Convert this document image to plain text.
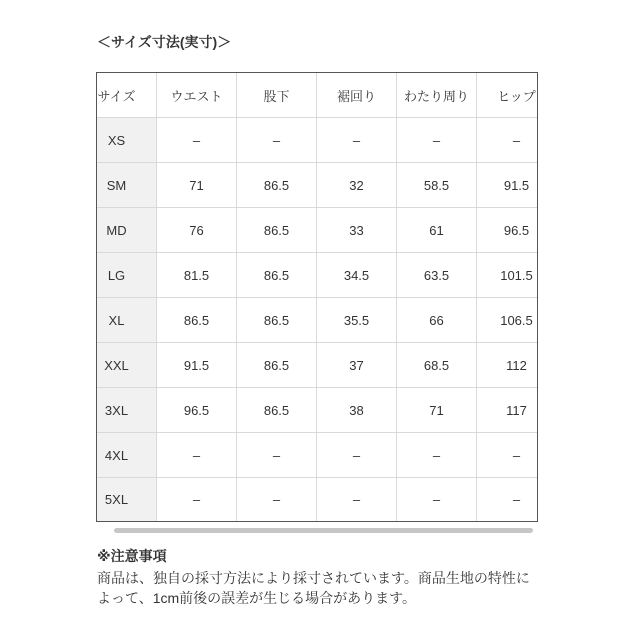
＜サイズ寸法(実寸)＞
サイズ	ウエスト	股下	裾回り	わたり周り	ヒップ
XS	–	–	–	–	–
SM	71	86.5	32	58.5	91.5
MD	76	86.5	33	61	96.5
LG	81.5	86.5	34.5	63.5	101.5
XL	86.5	86.5	35.5	66	106.5
XXL	91.5	86.5	37	68.5	112
3XL	96.5	86.5	38	71	117
4XL	–	–	–	–	–
5XL	–	–	–	–	–
※注意事項
商品は、独自の採寸方法により採寸されています。商品生地の特性に
よって、1cm前後の誤差が生じる場合があります。
